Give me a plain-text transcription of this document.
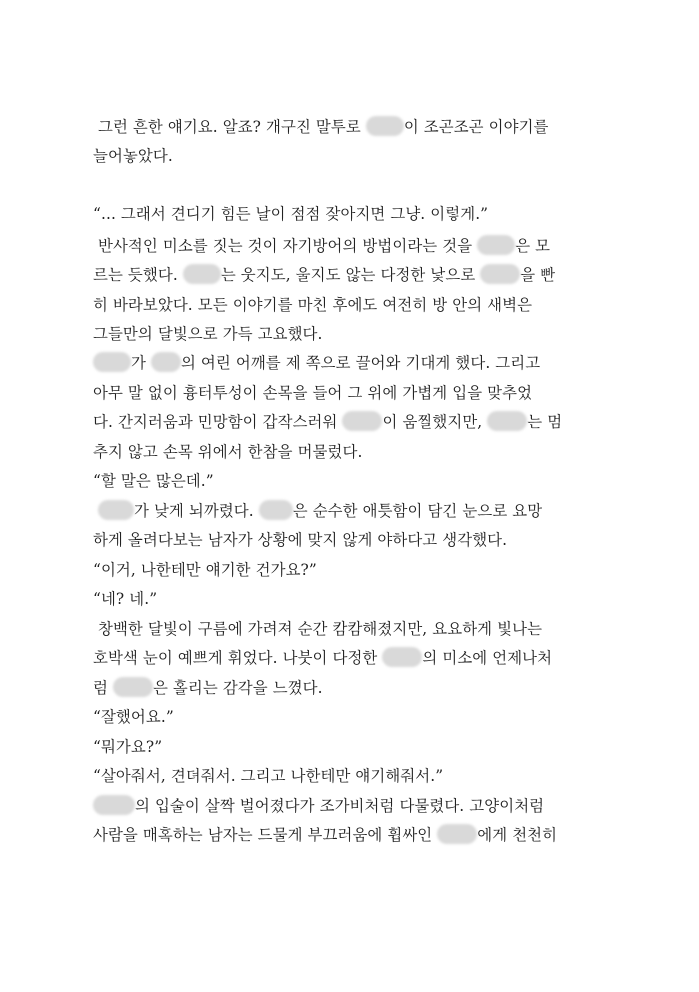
그런 흔한 얘기요. 알죠? 개구진 말투로 이 조곤조곤 이야기를
늘어놓았다.
“... 그래서 견디기 힘든 날이 점점 잦아지면 그냥. 이렇게.”
반사적인 미소를 짓는 것이 자기방어의 방법이라는 것을 은 모
르는 듯했다. 는 웃지도, 울지도 않는 다정한 낯으로	을 빤
히 바라보았다. 모든 이야기를 마친 후에도 여전히 방 안의 새벽은
그들만의 달빛으로 가득 고요했다.
가 의 여린 어깨를 제 쪽으로 끌어와 기대게 했다. 그리고
아무 말 없이 흉터투성이 손목을 들어 그 위에 가볍게 입을 맞추었
다. 간지러움과 민망함이 갑작스러워	이 움찔했지만,	는 멈
추지 않고 손목 위에서 한참을 머물렀다.
“할 말은 많은데.”
가 낮게 뇌까렸다. 은 순수한 애틋함이 담긴 눈으로 요망
하게 올려다보는 남자가 상황에 맞지 않게 야하다고 생각했다.
“이거, 나한테만 얘기한 건가요?”
“네? 네.”
창백한 달빛이 구름에 가려져 순간 캄캄해졌지만, 요요하게 빛나는
호박색 눈이 예쁘게 휘었다. 나붓이 다정한	의 미소에 언제나처
럼	은 홀리는 감각을 느꼈다.
“잘했어요.”
“뭐가요?”
“살아줘서, 견뎌줘서. 그리고 나한테만 얘기해줘서.”
의 입술이 살짝 벌어졌다가 조가비처럼 다물렸다. 고양이처럼
사람을 매혹하는 남자는 드물게 부끄러움에 휩싸인	에게 천천히
